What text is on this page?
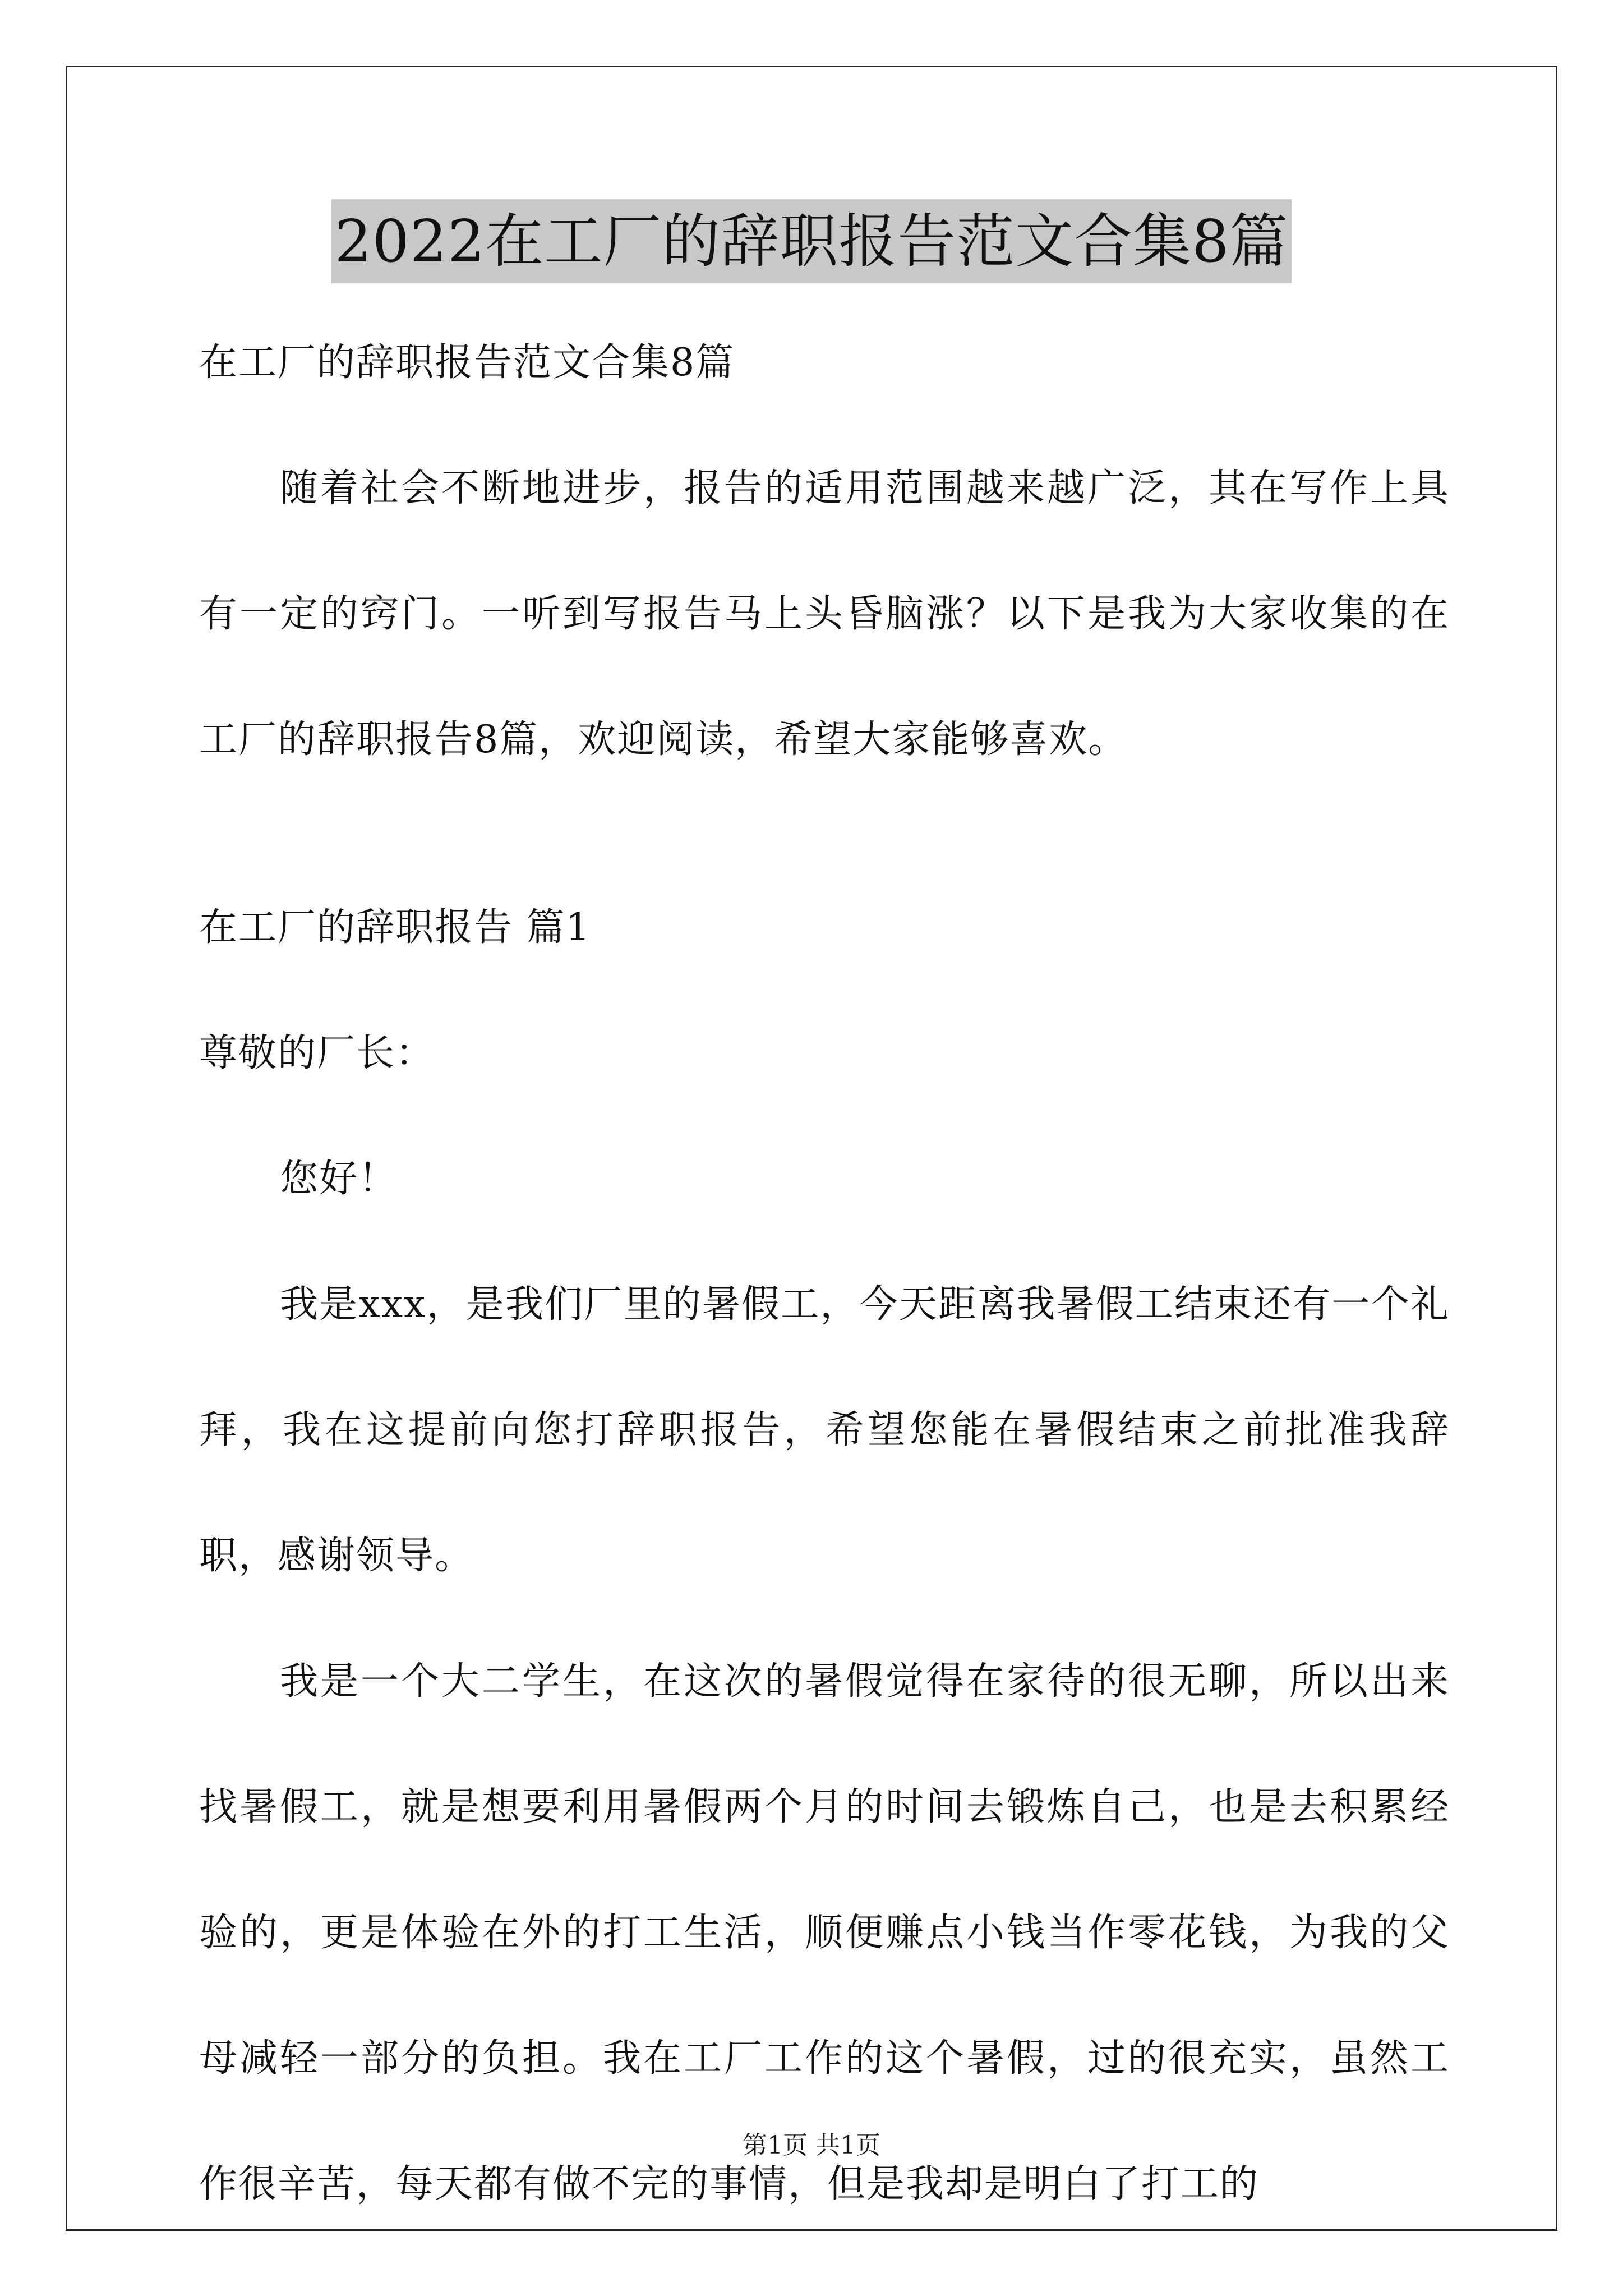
2022在工厂的辞职报告范文合集8篇

在工厂的辞职报告范文合集8篇

随着社会不断地进步，报告的适用范围越来越广泛，其在写作上具有一定的窍门。一听到写报告马上头昏脑涨？以下是我为大家收集的在工厂的辞职报告8篇，欢迎阅读，希望大家能够喜欢。

在工厂的辞职报告 篇1

尊敬的厂长：

您好！

我是xxx，是我们厂里的暑假工，今天距离我暑假工结束还有一个礼拜，我在这提前向您打辞职报告，希望您能在暑假结束之前批准我辞职，感谢领导。

我是一个大二学生，在这次的暑假觉得在家待的很无聊，所以出来找暑假工，就是想要利用暑假两个月的时间去锻炼自己，也是去积累经验的，更是体验在外的打工生活，顺便赚点小钱当作零花钱，为我的父母减轻一部分的负担。我在工厂工作的这个暑假，过的很充实，虽然工作很辛苦，每天都有做不完的事情，但是我却是明白了打工的

第1页 共1页
